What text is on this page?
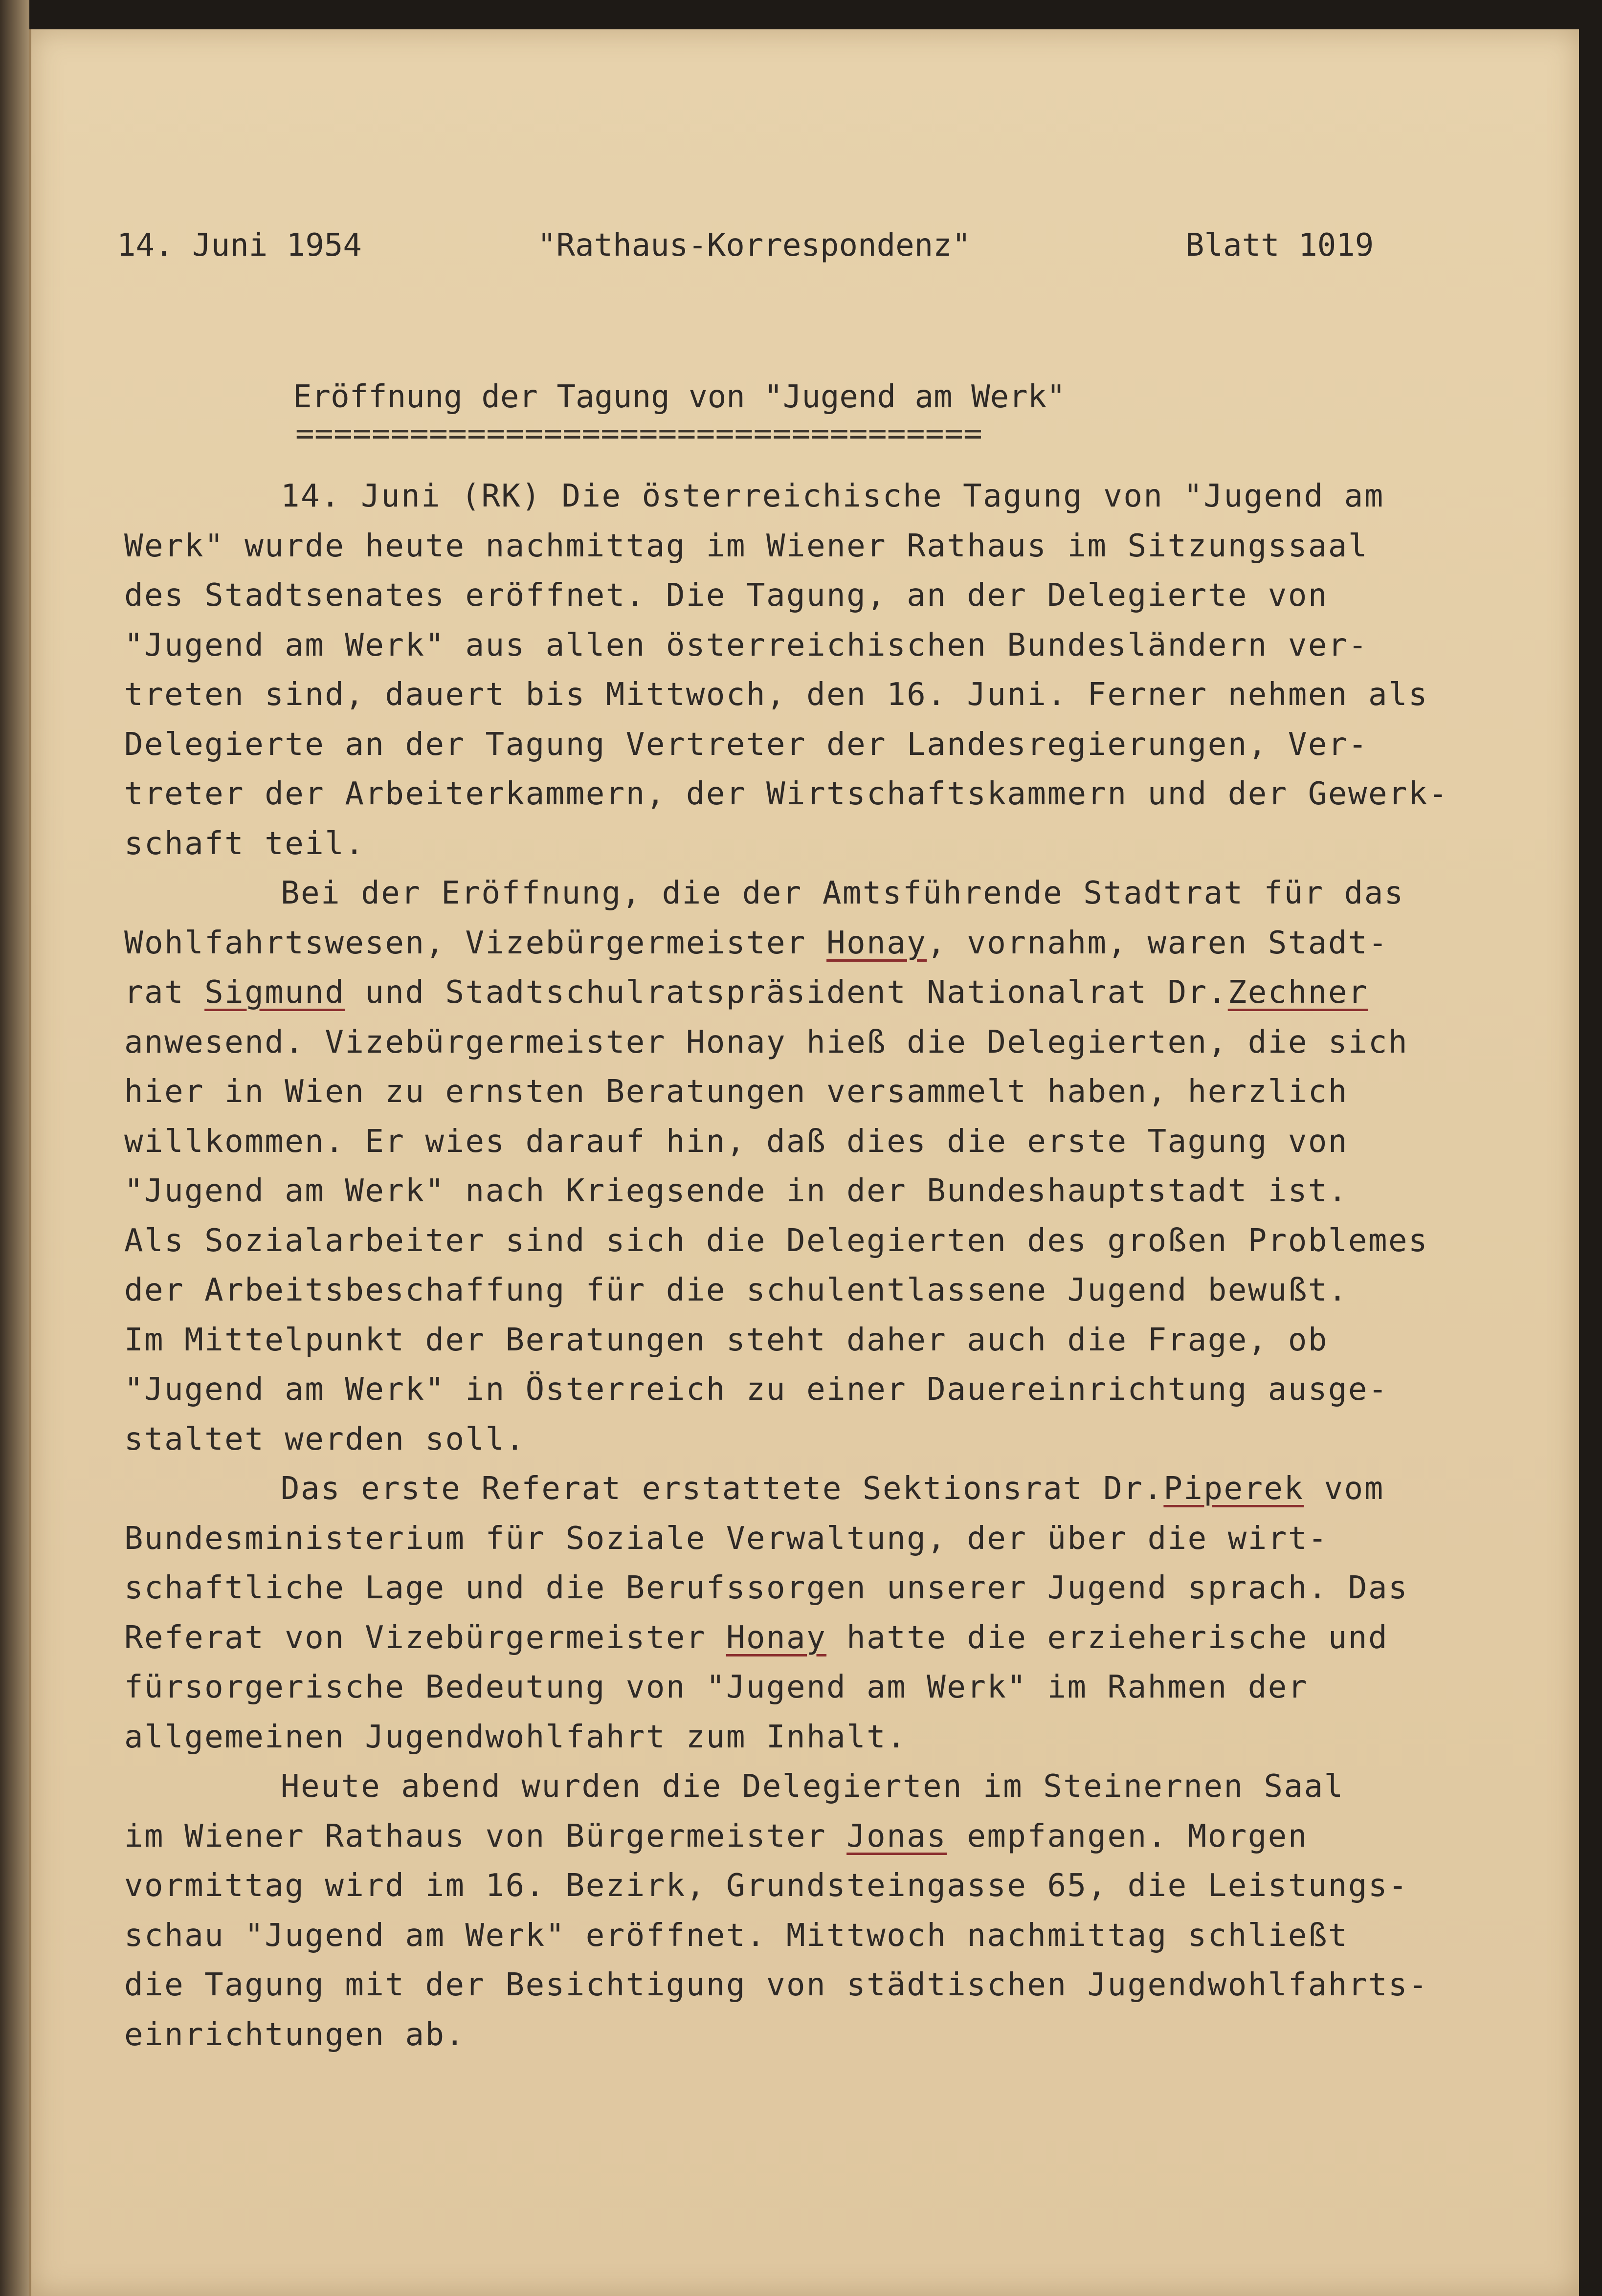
14. Juni 1954	"Rathaus-Korrespondenz"	Blatt 1019
Eröffnung der Tagung von "Jugend am Werk"
====================================
14. Juni (RK) Die österreichische Tagung von "Jugend am
Werk" wurde heute nachmittag im Wiener Rathaus im Sitzungssaal
des Stadtsenates eröffnet. Die Tagung, an der Delegierte von
"Jugend am Werk" aus allen österreichischen Bundesländern ver-
treten sind, dauert bis Mittwoch, den 16. Juni. Ferner nehmen als
Delegierte an der Tagung Vertreter der Landesregierungen, Ver-
treter der Arbeiterkammern, der Wirtschaftskammern und der Gewerk-
schaft teil.
Bei der Eröffnung, die der Amtsführende Stadtrat für das
Wohlfahrtswesen, Vizebürgermeister Honay, vornahm, waren Stadt-
rat Sigmund und Stadtschulratspräsident Nationalrat Dr.Zechner
anwesend. Vizebürgermeister Honay hieß die Delegierten, die sich
hier in Wien zu ernsten Beratungen versammelt haben, herzlich
willkommen. Er wies darauf hin, daß dies die erste Tagung von
"Jugend am Werk" nach Kriegsende in der Bundeshauptstadt ist.
Als Sozialarbeiter sind sich die Delegierten des großen Problemes
der Arbeitsbeschaffung für die schulentlassene Jugend bewußt.
Im Mittelpunkt der Beratungen steht daher auch die Frage, ob
"Jugend am Werk" in Österreich zu einer Dauereinrichtung ausge-
staltet werden soll.
Das erste Referat erstattete Sektionsrat Dr.Piperek vom
Bundesministerium für Soziale Verwaltung, der über die wirt-
schaftliche Lage und die Berufssorgen unserer Jugend sprach. Das
Referat von Vizebürgermeister Honay hatte die erzieherische und
fürsorgerische Bedeutung von "Jugend am Werk" im Rahmen der
allgemeinen Jugendwohlfahrt zum Inhalt.
Heute abend wurden die Delegierten im Steinernen Saal
im Wiener Rathaus von Bürgermeister Jonas empfangen. Morgen
vormittag wird im 16. Bezirk, Grundsteingasse 65, die Leistungs-
schau "Jugend am Werk" eröffnet. Mittwoch nachmittag schließt
die Tagung mit der Besichtigung von städtischen Jugendwohlfahrts-
einrichtungen ab.
